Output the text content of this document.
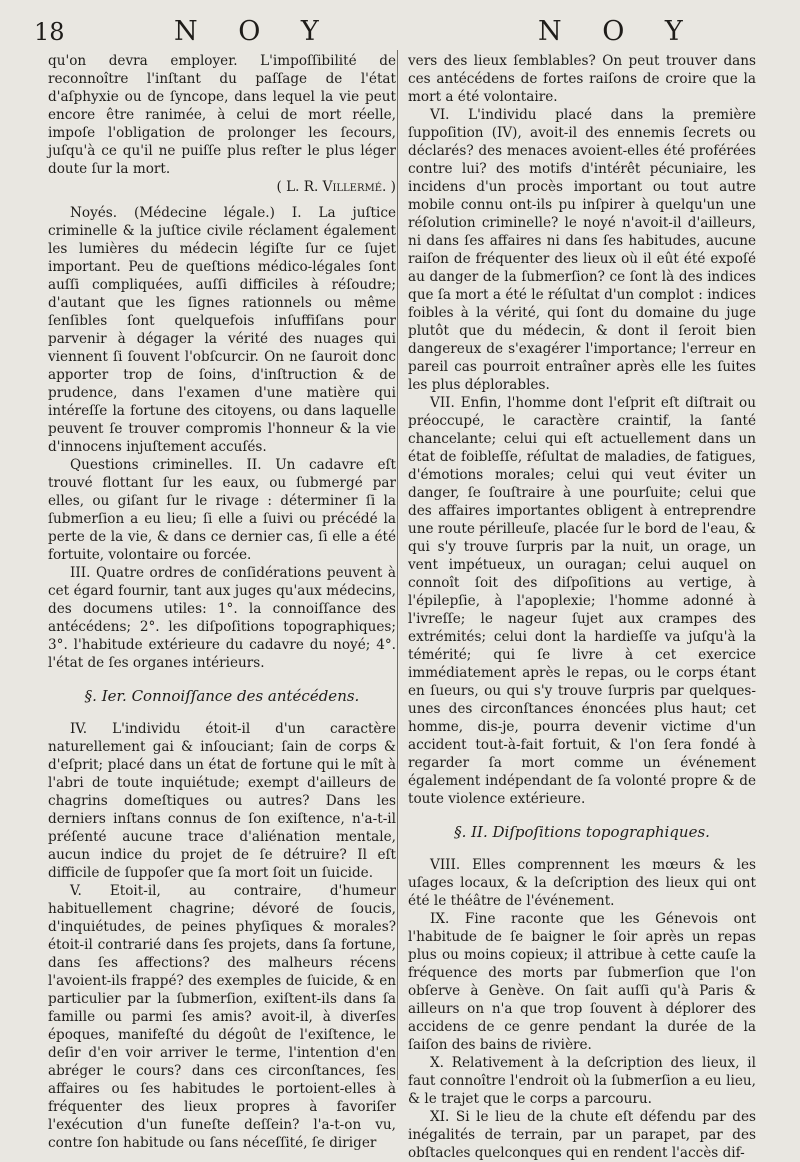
18	N O Y	N O Y

qu'on devra employer. L'impoſſibilité de reconnoître l'inſtant du paſſage de l'état d'aſphyxie ou de ſyncope, dans lequel la vie peut encore être ranimée, à celui de mort réelle, impoſe l'obligation de prolonger les ſecours, juſqu'à ce qu'il ne puiſſe plus reſter le plus léger doute ſur la mort.

( L. R. Villermé. )

Noyés. (Médecine légale.) I. La juſtice criminelle & la juſtice civile réclament également les lumières du médecin légiſte ſur ce ſujet important. Peu de queſtions médico-légales ſont auſſi compliquées, auſſi difficiles à réſoudre; d'autant que les ſignes rationnels ou même ſenſibles ſont quelquefois inſuffiſans pour parvenir à dégager la vérité des nuages qui viennent ſi ſouvent l'obſcurcir. On ne ſauroit donc apporter trop de ſoins, d'inſtruction & de prudence, dans l'examen d'une matière qui intéreſſe la fortune des citoyens, ou dans laquelle peuvent ſe trouver compromis l'honneur & la vie d'innocens injuſtement accuſés.

Questions criminelles. II. Un cadavre eſt trouvé flottant ſur les eaux, ou ſubmergé par elles, ou giſant ſur le rivage : déterminer ſi la ſubmerſion a eu lieu; ſi elle a ſuivi ou précédé la perte de la vie, & dans ce dernier cas, ſi elle a été fortuite, volontaire ou forcée.

III. Quatre ordres de conſidérations peuvent à cet égard fournir, tant aux juges qu'aux médecins, des documens utiles: 1°. la connoiſſance des antécédens; 2°. les diſpoſitions topographiques; 3°. l'habitude extérieure du cadavre du noyé; 4°. l'état de ſes organes intérieurs.

§. Ier. Connoiſſance des antécédens.

IV. L'individu étoit-il d'un caractère naturellement gai & inſouciant; ſain de corps & d'eſprit; placé dans un état de fortune qui le mît à l'abri de toute inquiétude; exempt d'ailleurs de chagrins domeſtiques ou autres? Dans les derniers inſtans connus de ſon exiſtence, n'a-t-il préſenté aucune trace d'aliénation mentale, aucun indice du projet de ſe détruire? Il eſt difficile de ſuppoſer que ſa mort ſoit un ſuicide.

V. Etoit-il, au contraire, d'humeur habituellement chagrine; dévoré de ſoucis, d'inquiétudes, de peines phyſiques & morales? étoit-il contrarié dans ſes projets, dans ſa fortune, dans ſes affections? des malheurs récens l'avoient-ils frappé? des exemples de ſuicide, & en particulier par la ſubmerſion, exiſtent-ils dans ſa famille ou parmi ſes amis? avoit-il, à diverſes époques, manifeſté du dégoût de l'exiſtence, le deſir d'en voir arriver le terme, l'intention d'en abréger le cours? dans ces circonſtances, ſes affaires ou ſes habitudes le portoient-elles à fréquenter des lieux propres à favoriſer l'exécution d'un funeſte deſſein? l'a-t-on vu, contre ſon habitude ou ſans néceſſité, ſe diriger

vers des lieux ſemblables? On peut trouver dans ces antécédens de fortes raiſons de croire que la mort a été volontaire.

VI. L'individu placé dans la première ſuppoſition (IV), avoit-il des ennemis ſecrets ou déclarés? des menaces avoient-elles été proférées contre lui? des motifs d'intérêt pécuniaire, les incidens d'un procès important ou tout autre mobile connu ont-ils pu inſpirer à quelqu'un une réſolution criminelle? le noyé n'avoit-il d'ailleurs, ni dans ſes affaires ni dans ſes habitudes, aucune raiſon de fréquenter des lieux où il eût été expoſé au danger de la ſubmerſion? ce ſont là des indices que ſa mort a été le réſultat d'un complot : indices foibles à la vérité, qui ſont du domaine du juge plutôt que du médecin, & dont il ſeroit bien dangereux de s'exagérer l'importance; l'erreur en pareil cas pourroit entraîner après elle les ſuites les plus déplorables.

VII. Enfin, l'homme dont l'eſprit eſt diſtrait ou préoccupé, le caractère craintif, la ſanté chancelante; celui qui eſt actuellement dans un état de foibleſſe, réſultat de maladies, de fatigues, d'émotions morales; celui qui veut éviter un danger, ſe ſouſtraire à une pourſuite; celui que des affaires importantes obligent à entreprendre une route périlleuſe, placée ſur le bord de l'eau, & qui s'y trouve ſurpris par la nuit, un orage, un vent impétueux, un ouragan; celui auquel on connoît ſoit des diſpoſitions au vertige, à l'épilepſie, à l'apoplexie; l'homme adonné à l'ivreſſe; le nageur ſujet aux crampes des extrémités; celui dont la hardieſſe va juſqu'à la témérité; qui ſe livre à cet exercice immédiatement après le repas, ou le corps étant en ſueurs, ou qui s'y trouve ſurpris par quelques-unes des circonſtances énoncées plus haut; cet homme, dis-je, pourra devenir victime d'un accident tout-à-fait fortuit, & l'on ſera fondé à regarder ſa mort comme un événement également indépendant de ſa volonté propre & de toute violence extérieure.

§. II. Diſpoſitions topographiques.

VIII. Elles comprennent les mœurs & les uſages locaux, & la deſcription des lieux qui ont été le théâtre de l'événement.

IX. Fine raconte que les Génevois ont l'habitude de ſe baigner le ſoir après un repas plus ou moins copieux; il attribue à cette cauſe la fréquence des morts par ſubmerſion que l'on obſerve à Genève. On ſait auſſi qu'à Paris & ailleurs on n'a que trop ſouvent à déplorer des accidens de ce genre pendant la durée de la ſaiſon des bains de rivière.

X. Relativement à la deſcription des lieux, il faut connoître l'endroit où la ſubmerſion a eu lieu, & le trajet que le corps a parcouru.

XI. Si le lieu de la chute eſt défendu par des inégalités de terrain, par un parapet, par des obſtacles quelconques qui en rendent l'accès dif-
